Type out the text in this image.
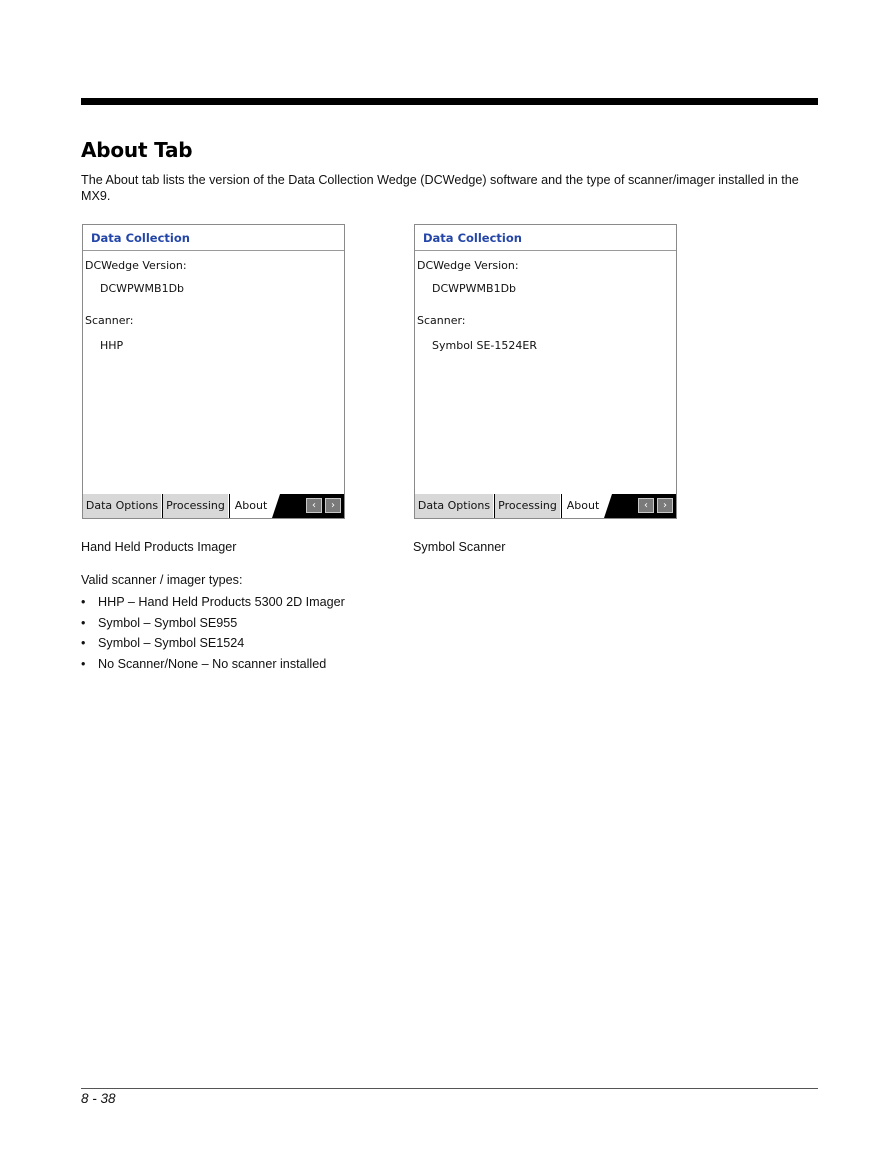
About Tab

The About tab lists the version of the Data Collection Wedge (DCWedge) software and the type of scanner/imager installed in the MX9.

Data Collection
DCWedge Version:
DCWPWMB1Db
Scanner:
HHP
Data Options Processing About	‹	›
Data Collection
DCWedge Version:
DCWPWMB1Db
Scanner:
Symbol SE-1524ER
Data Options Processing About	‹	›

Hand Held Products Imager	Symbol Scanner

Valid scanner / imager types:

• HHP – Hand Held Products 5300 2D Imager
• Symbol – Symbol SE955
• Symbol – Symbol SE1524
• No Scanner/None – No scanner installed

8 - 38
